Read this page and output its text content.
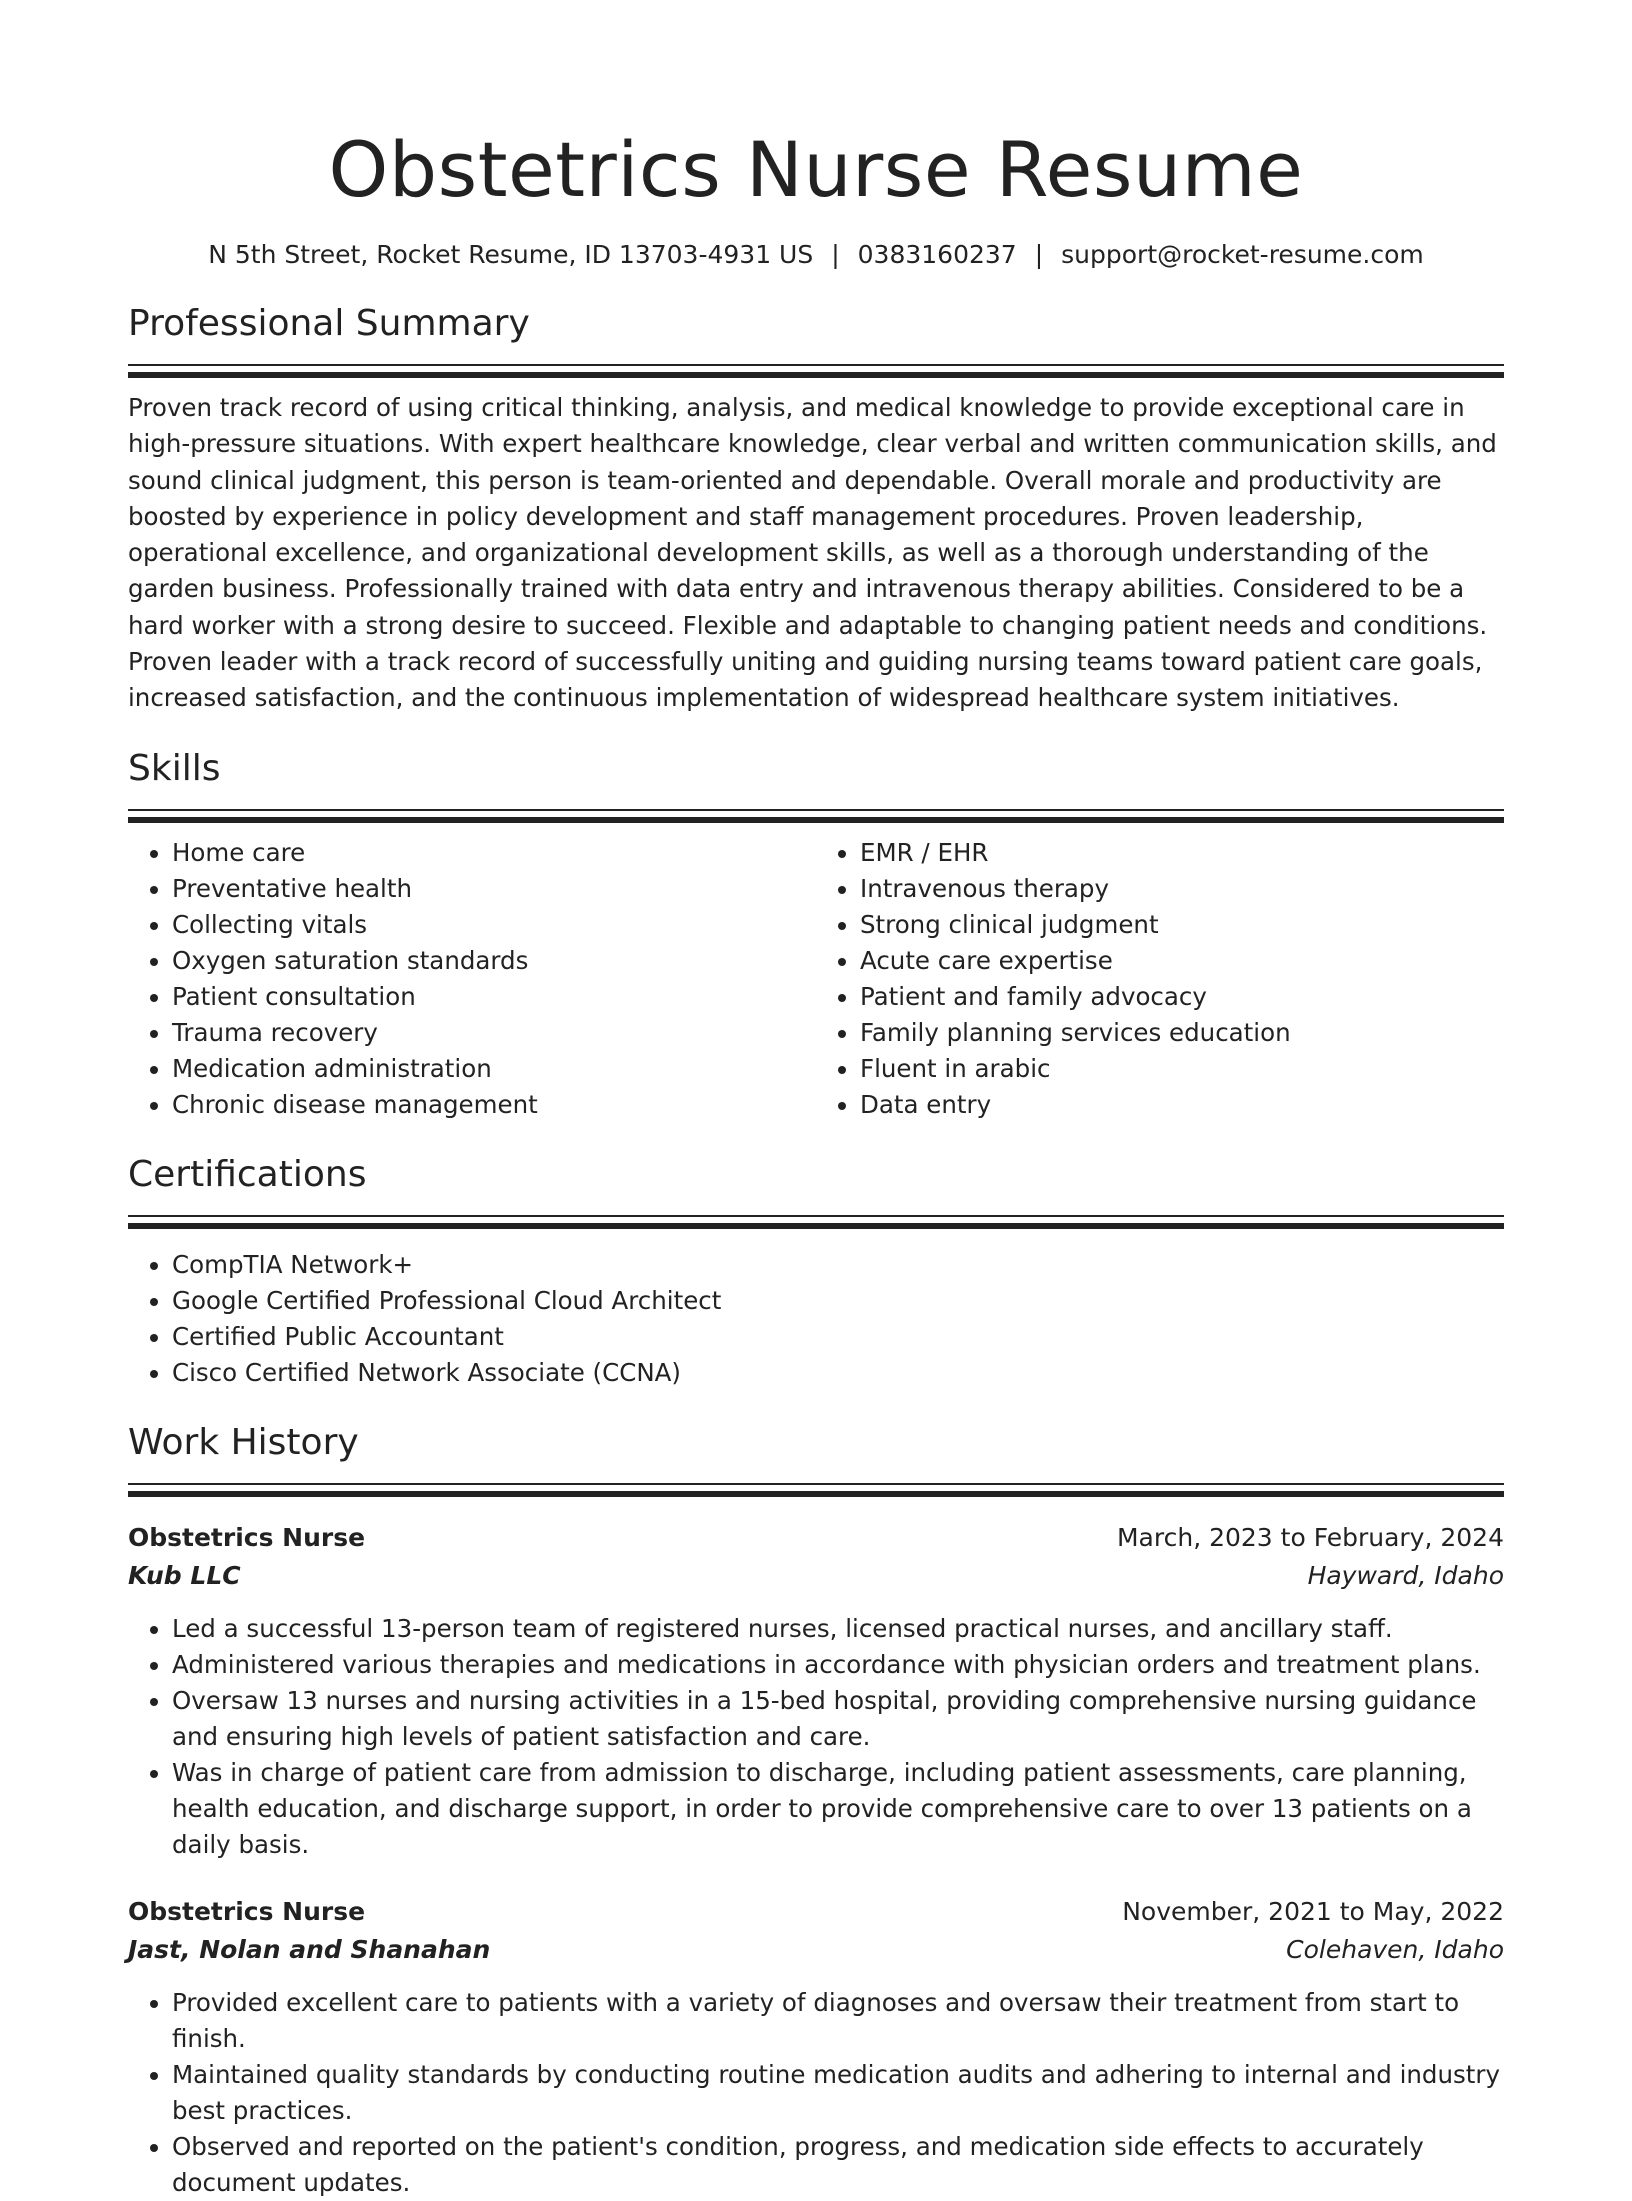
Obstetrics Nurse Resume
N 5th Street, Rocket Resume, ID 13703-4931 US | 0383160237 | support@rocket-resume.com
Professional Summary

Proven track record of using critical thinking, analysis, and medical knowledge to provide exceptional care in high-pressure situations. With expert healthcare knowledge, clear verbal and written communication skills, and sound clinical judgment, this person is team-oriented and dependable. Overall morale and productivity are boosted by experience in policy development and staff management procedures. Proven leadership, operational excellence, and organizational development skills, as well as a thorough understanding of the garden business. Professionally trained with data entry and intravenous therapy abilities. Considered to be a hard worker with a strong desire to succeed. Flexible and adaptable to changing patient needs and conditions. Proven leader with a track record of successfully uniting and guiding nursing teams toward patient care goals, increased satisfaction, and the continuous implementation of widespread healthcare system initiatives.

Skills
• Home care
• Preventative health
• Collecting vitals
• Oxygen saturation standards
• Patient consultation
• Trauma recovery
• Medication administration
• Chronic disease management
• EMR / EHR
• Intravenous therapy
• Strong clinical judgment
• Acute care expertise
• Patient and family advocacy
• Family planning services education
• Fluent in arabic
• Data entry
Certifications
• CompTIA Network+
• Google Certified Professional Cloud Architect
• Certified Public Accountant
• Cisco Certified Network Associate (CCNA)
Work History
Obstetrics Nurse	March, 2023 to February, 2024
Kub LLC	Hayward, Idaho
• Led a successful 13-person team of registered nurses, licensed practical nurses, and ancillary staff.
• Administered various therapies and medications in accordance with physician orders and treatment plans.
• Oversaw 13 nurses and nursing activities in a 15-bed hospital, providing comprehensive nursing guidance and ensuring high levels of patient satisfaction and care.
• Was in charge of patient care from admission to discharge, including patient assessments, care planning, health education, and discharge support, in order to provide comprehensive care to over 13 patients on a daily basis.
Obstetrics Nurse	November, 2021 to May, 2022
Jast, Nolan and Shanahan	Colehaven, Idaho
• Provided excellent care to patients with a variety of diagnoses and oversaw their treatment from start to finish.
• Maintained quality standards by conducting routine medication audits and adhering to internal and industry best practices.
• Observed and reported on the patient's condition, progress, and medication side effects to accurately document updates.
